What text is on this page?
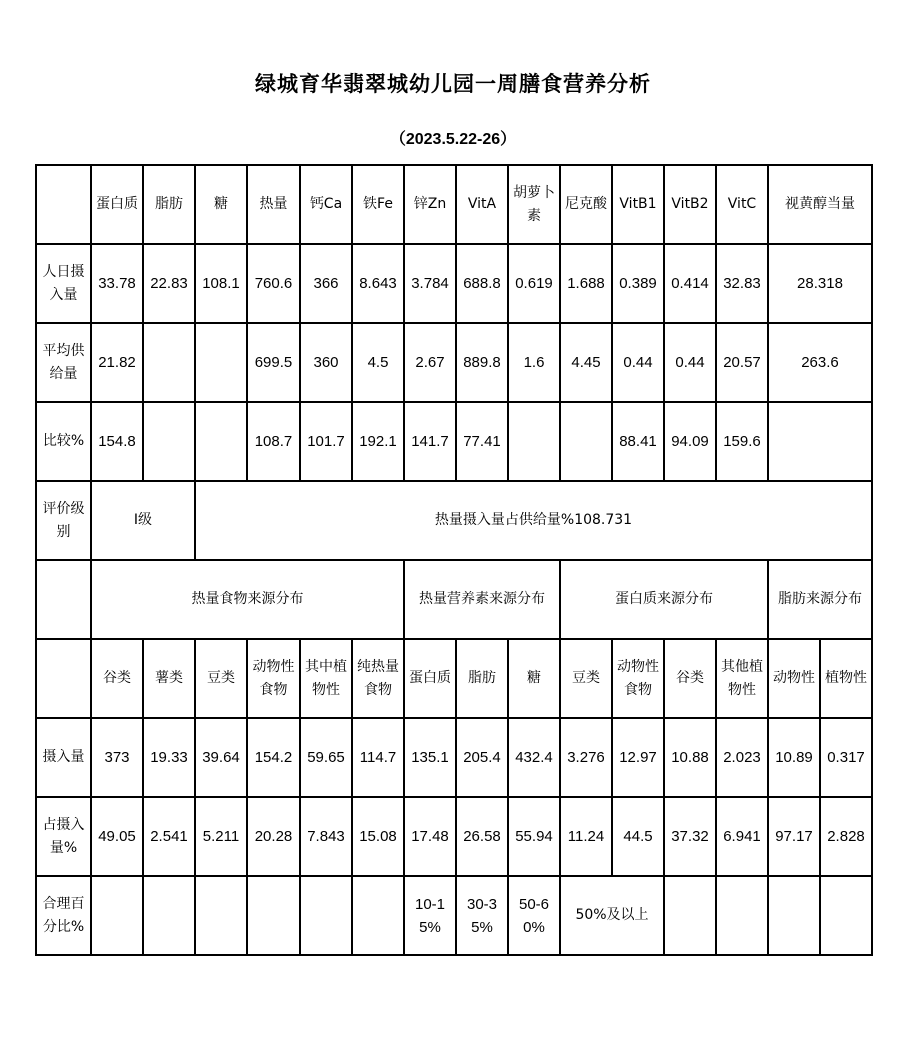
绿城育华翡翠城幼儿园一周膳食营养分析
（2023.5.22-26）
	蛋白质	脂肪	糖	热量	钙Ca	铁Fe	锌Zn	VitA	胡萝卜素	尼克酸	VitB1	VitB2	VitC	视黄醇当量	
人日摄入量	33.78	22.83	108.1	760.6	366	8.643	3.784	688.8	0.619	1.688	0.389	0.414	32.83	28.318	
平均供给量	21.82			699.5	360	4.5	2.67	889.8	1.6	4.45	0.44	0.44	20.57	263.6	
比较%	154.8			108.7	101.7	192.1	141.7	77.41			88.41	94.09	159.6		
评价级别	I级		热量摄入量占供给量%108.731												
	热量食物来源分布						热量营养素来源分布			蛋白质来源分布				脂肪来源分布	
	谷类	薯类	豆类	动物性食物	其中植物性	纯热量食物	蛋白质	脂肪	糖	豆类	动物性食物	谷类	其他植物性	动物性	植物性
摄入量	373	19.33	39.64	154.2	59.65	114.7	135.1	205.4	432.4	3.276	12.97	10.88	2.023	10.89	0.317
占摄入量%	49.05	2.541	5.211	20.28	7.843	15.08	17.48	26.58	55.94	11.24	44.5	37.32	6.941	97.17	2.828
合理百分比%							10-15%	30-35%	50-60%	50%及以上					
